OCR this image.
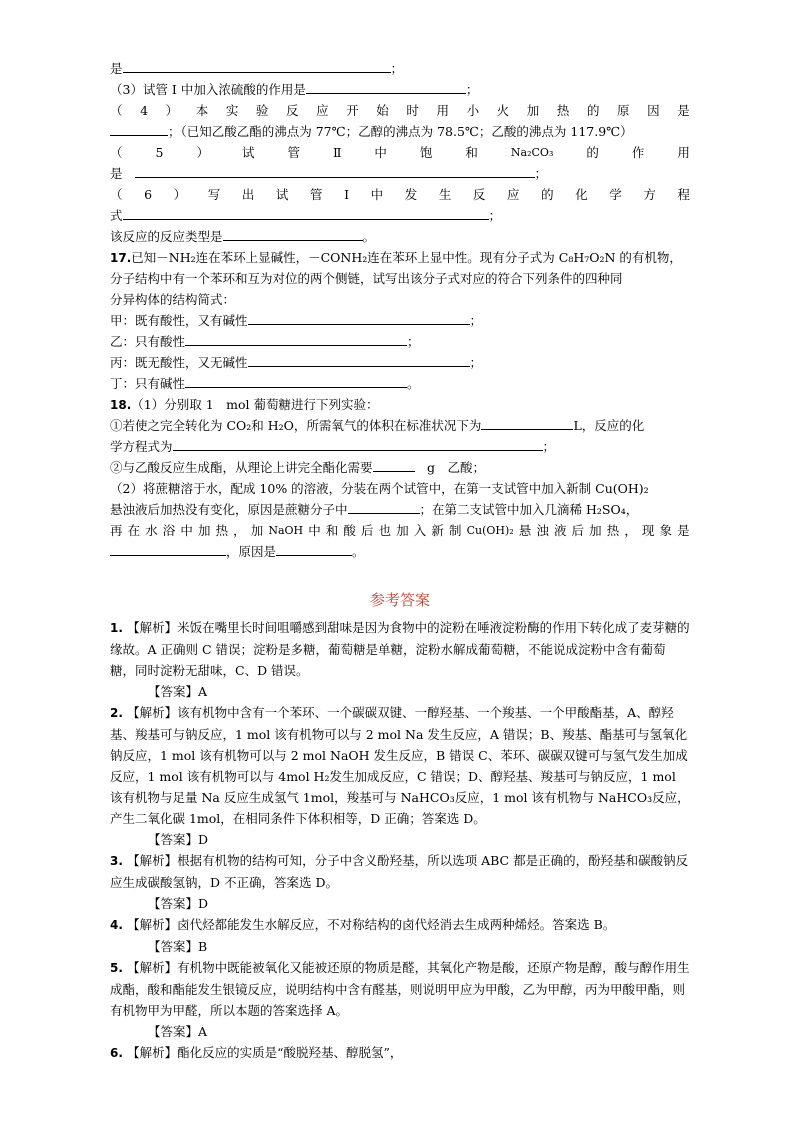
是	；
（3）试管 I 中加入浓硫酸的作用是	；
（ 4 ） 本 实 验 反 应 开 始 时 用 小 火 加 热 的 原 因 是
；（已知乙酸乙酯的沸点为 77℃；乙醇的沸点为 78.5℃；乙酸的沸点为 117.9℃）
（	5	）	试	管	Ⅱ	中	饱	和	Na₂CO₃	的	作	用
是	；
（ 6 ） 写 出 试 管 Ⅰ 中 发 生 反 应 的 化 学 方 程
式	；
该反应的反应类型是	。
17.已知－NH₂连在苯环上显碱性，－CONH₂连在苯环上显中性。现有分子式为 C₈H₇O₂N 的有机物，
分子结构中有一个苯环和互为对位的两个侧链，试写出该分子式对应的符合下列条件的四种同
分异构体的结构简式：
甲：既有酸性，又有碱性	；
乙：只有酸性	；
丙：既无酸性，又无碱性	；
丁：只有碱性	。
18.（1）分别取 1　mol 葡萄糖进行下列实验：
①若使之完全转化为 CO₂和 H₂O，所需氧气的体积在标准状况下为	L，反应的化
学方程式为	；
②与乙酸反应生成酯，从理论上讲完全酯化需要	　g　乙酸；
（2）将蔗糖溶于水，配成 10% 的溶液，分装在两个试管中，在第一支试管中加入新制 Cu(OH)₂
悬浊液后加热没有变化，原因是蔗糖分子中	；在第二支试管中加入几滴稀 H₂SO₄，
再 在 水 浴 中 加 热 ， 加 NaOH 中 和 酸 后 也 加 入 新 制 Cu(OH)₂ 悬 浊 液 后 加 热 ， 现 象 是
，原因是	。
参考答案
1. 【解析】米饭在嘴里长时间咀嚼感到甜味是因为食物中的淀粉在唾液淀粉酶的作用下转化成了麦芽糖的缘故。A 正确则 C 错误；淀粉是多糖，葡萄糖是单糖，淀粉水解成葡萄糖，不能说成淀粉中含有葡萄糖，同时淀粉无甜味，C、D 错误。
【答案】A
2. 【解析】该有机物中含有一个苯环、一个碳碳双键、一醇羟基、一个羧基、一个甲酸酯基，A、醇羟基、羧基可与钠反应，1 mol 该有机物可以与 2 mol Na 发生反应，A 错误；B、羧基、酯基可与氢氧化钠反应，1 mol 该有机物可以与 2 mol NaOH 发生反应，B 错误 C、苯环、碳碳双键可与氢气发生加成反应，1 mol 该有机物可以与 4mol H₂发生加成反应，C 错误；D、醇羟基、羧基可与钠反应，1 mol 该有机物与足量 Na 反应生成氢气 1mol，羧基可与 NaHCO₃反应，1 mol 该有机物与 NaHCO₃反应，产生二氧化碳 1mol，在相同条件下体积相等，D 正确；答案选 D。
【答案】D
3. 【解析】根据有机物的结构可知，分子中含义酚羟基，所以选项 ABC 都是正确的，酚羟基和碳酸钠反应生成碳酸氢钠，D 不正确，答案选 D。
【答案】D
4. 【解析】卤代烃都能发生水解反应，不对称结构的卤代烃消去生成两种烯烃。答案选 B。
【答案】B
5. 【解析】有机物中既能被氧化又能被还原的物质是醛，其氧化产物是酸，还原产物是醇，酸与醇作用生成酯，酸和酯能发生银镜反应，说明结构中含有醛基，则说明甲应为甲酸，乙为甲醇，丙为甲酸甲酯，则有机物甲为甲醛，所以本题的答案选择 A。
【答案】A
6. 【解析】酯化反应的实质是“酸脱羟基、醇脱氢”，
